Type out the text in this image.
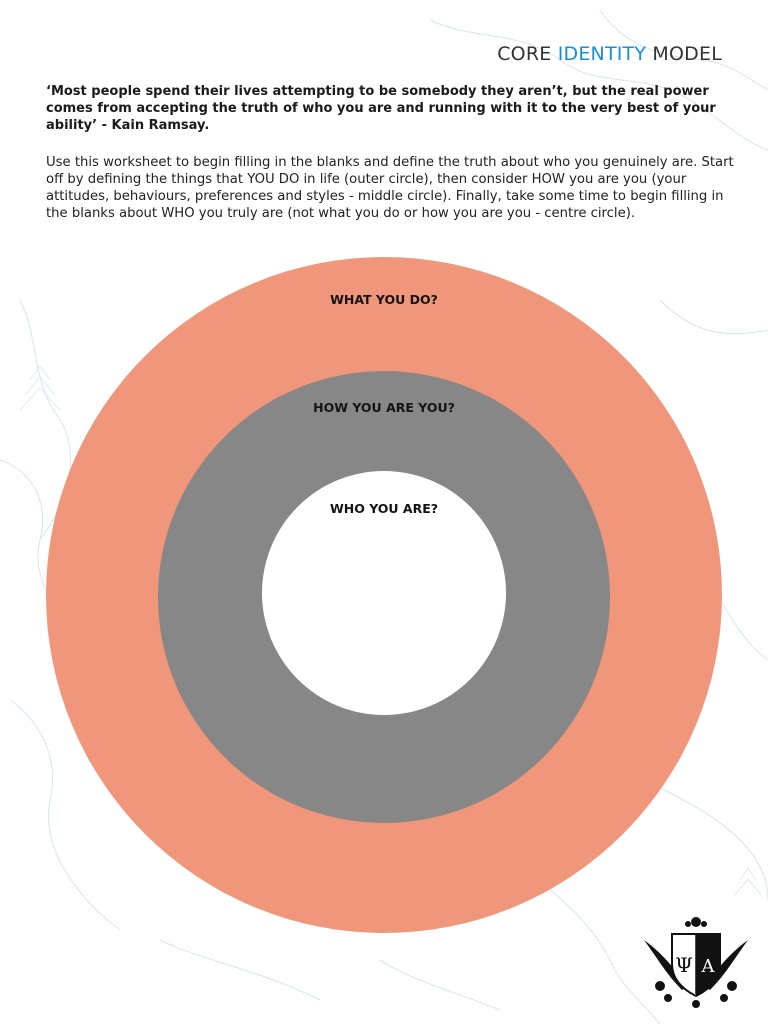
CORE IDENTITY MODEL

‘Most people spend their lives attempting to be somebody they aren’t, but the real power comes from accepting the truth of who you are and running with it to the very best of your ability’ - Kain Ramsay.

Use this worksheet to begin filling in the blanks and define the truth about who you genuinely are. Start off by defining the things that YOU DO in life (outer circle), then consider HOW you are you (your attitudes, behaviours, preferences and styles - middle circle). Finally, take some time to begin filling in the blanks about WHO you truly are (not what you do or how you are you - centre circle).

WHAT YOU DO?
HOW YOU ARE YOU?
WHO YOU ARE?
Ψ A
